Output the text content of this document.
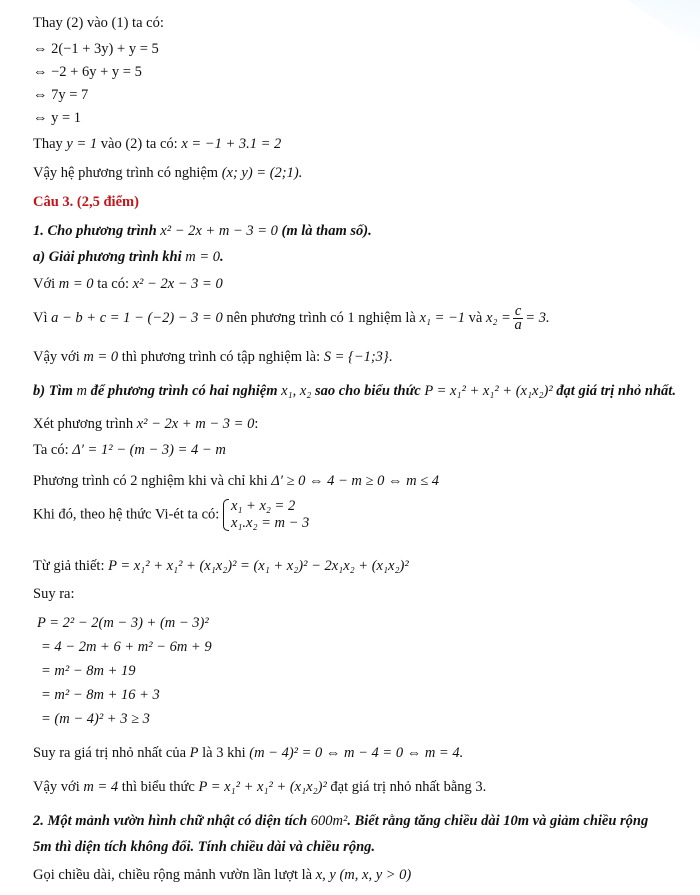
Thay (2) vào (1) ta có:
⇔ 2(−1 + 3y) + y = 5
⇔ −2 + 6y + y = 5
⇔ 7y = 7
⇔ y = 1
Thay y = 1 vào (2) ta có: x = −1 + 3.1 = 2
Vậy hệ phương trình có nghiệm (x; y) = (2;1).
Câu 3. (2,5 điểm)
1. Cho phương trình x² − 2x + m − 3 = 0 (m là tham số).
a) Giải phương trình khi m = 0.
Với m = 0 ta có: x² − 2x − 3 = 0
Vì a − b + c = 1 − (−2) − 3 = 0 nên phương trình có 1 nghiệm là x₁ = −1 và $x_2 = \frac{c}{a} = 3$.
Vậy với m = 0 thì phương trình có tập nghiệm là: S = {−1;3}.
b) Tìm m để phương trình có hai nghiệm x₁, x₂ sao cho biểu thức P = x₁² + x₁² + (x₁x₂)² đạt giá trị nhỏ nhất.
Xét phương trình x² − 2x + m − 3 = 0:
Ta có: Δ′ = 1² − (m − 3) = 4 − m
Phương trình có 2 nghiệm khi và chỉ khi Δ′ ≥ 0 ⇔ 4 − m ≥ 0 ⇔ m ≤ 4
Khi đó, theo hệ thức Vi-ét ta có:
x₁ + x₂ = 2
x₁.x₂ = m − 3
Từ giả thiết: P = x₁² + x₁² + (x₁x₂)² = (x₁ + x₂)² − 2x₁x₂ + (x₁x₂)²
Suy ra:
P = 2² − 2(m − 3) + (m − 3)²
= 4 − 2m + 6 + m² − 6m + 9
= m² − 8m + 19
= m² − 8m + 16 + 3
= (m − 4)² + 3 ≥ 3
Suy ra giá trị nhỏ nhất của P là 3 khi (m − 4)² = 0 ⇔ m − 4 = 0 ⇔ m = 4.
Vậy với m = 4 thì biểu thức P = x₁² + x₁² + (x₁x₂)² đạt giá trị nhỏ nhất bằng 3.
2. Một mảnh vườn hình chữ nhật có diện tích 600m². Biết rằng tăng chiều dài 10m và giảm chiều rộng
5m thì diện tích không đổi. Tính chiều dài và chiều rộng.
Gọi chiều dài, chiều rộng mảnh vườn lần lượt là x, y (m, x, y > 0)
